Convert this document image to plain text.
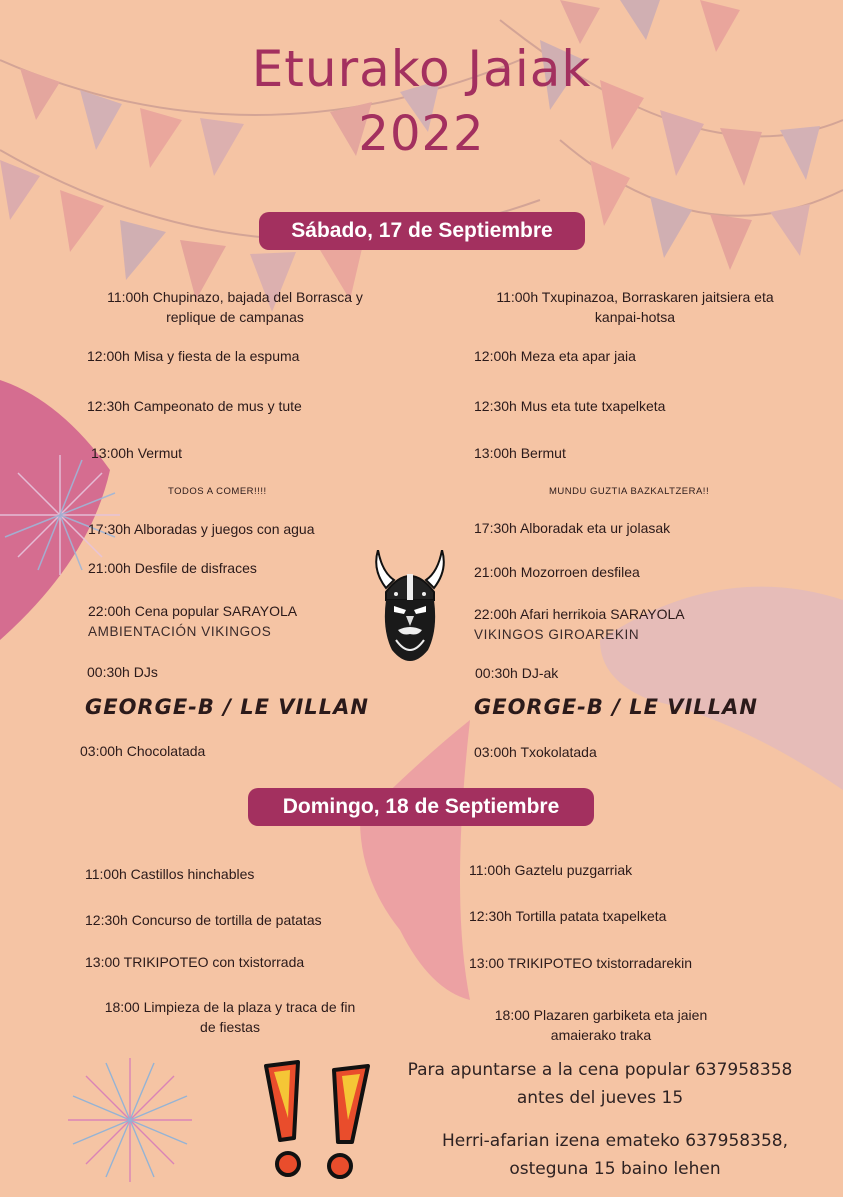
Eturako Jaiak
2022
Sábado, 17 de Septiembre
11:00h Chupinazo, bajada del Borrasca y
replique de campanas
12:00h Misa y fiesta de la espuma
12:30h Campeonato de mus y tute
13:00h Vermut
TODOS A COMER!!!!
17:30h Alboradas y juegos con agua
21:00h Desfile de disfraces
22:00h Cena popular SARAYOLA
AMBIENTACIÓN VIKINGOS
00:30h DJs
GEORGE-B / LE VILLAN
03:00h Chocolatada
11:00h Txupinazoa, Borraskaren jaitsiera eta
kanpai-hotsa
12:00h Meza eta apar jaia
12:30h Mus eta tute txapelketa
13:00h Bermut
MUNDU GUZTIA BAZKALTZERA!!
17:30h Alboradak eta ur jolasak
21:00h Mozorroen desfilea
22:00h Afari herrikoia SARAYOLA
VIKINGOS GIROAREKIN
00:30h DJ-ak
GEORGE-B / LE VILLAN
03:00h Txokolatada
Domingo, 18 de Septiembre
11:00h Castillos hinchables
12:30h Concurso de tortilla de patatas
13:00 TRIKIPOTEO con txistorrada
18:00 Limpieza de la plaza y traca de fin
de fiestas
11:00h Gaztelu puzgarriak
12:30h Tortilla patata txapelketa
13:00 TRIKIPOTEO txistorradarekin
18:00 Plazaren garbiketa eta jaien
amaierako traka
Para apuntarse a la cena popular 637958358
antes del jueves 15
Herri-afarian izena emateko 637958358,
osteguna 15 baino lehen
